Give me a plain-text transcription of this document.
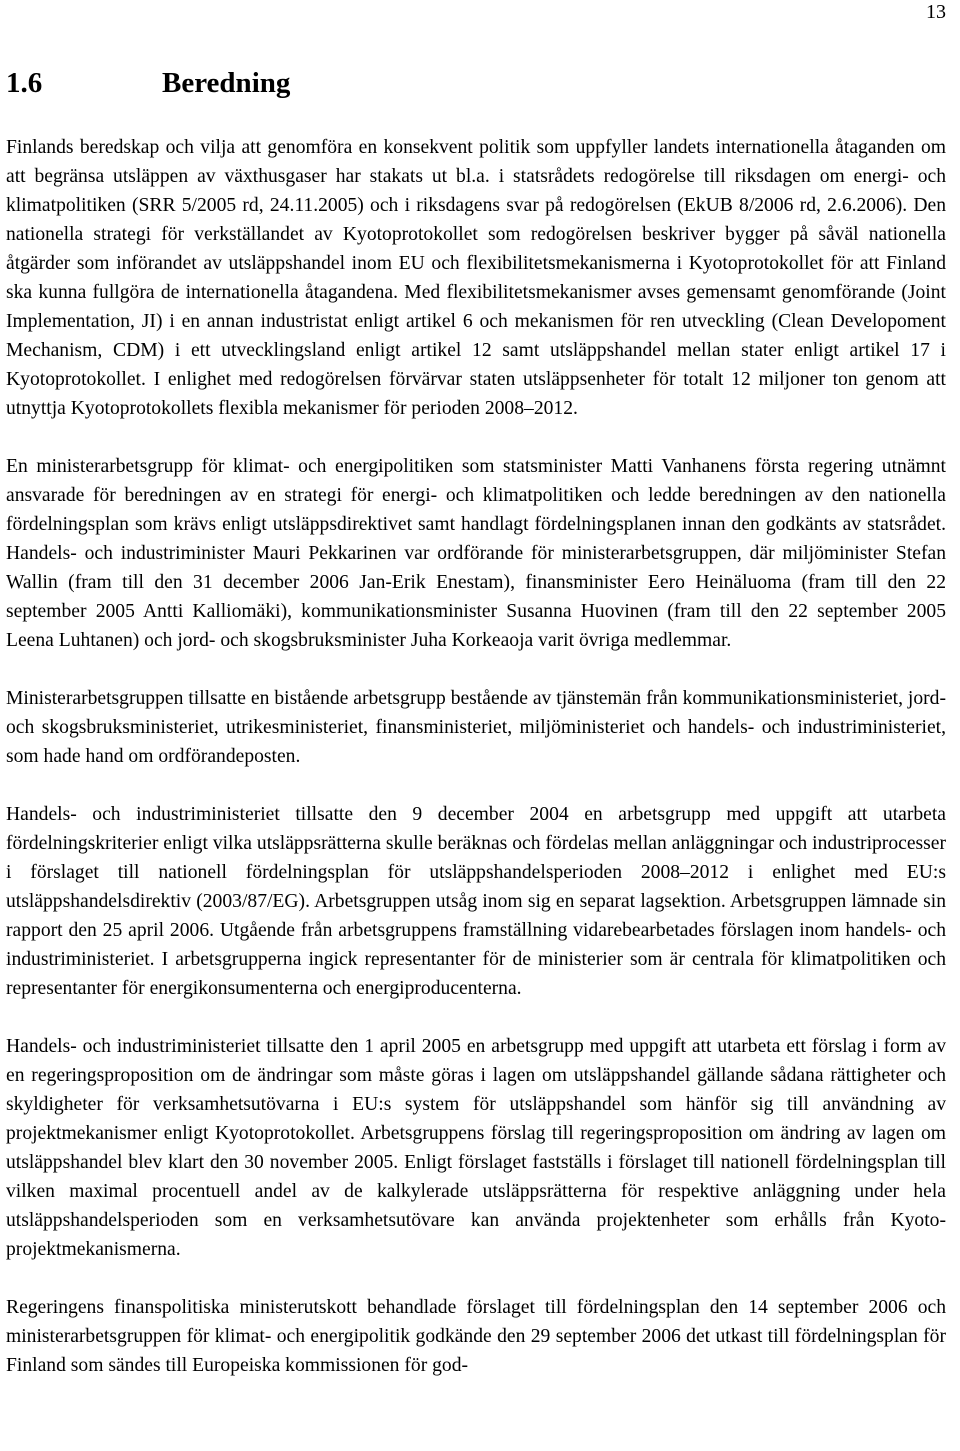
13
1.6	Beredning

Finlands beredskap och vilja att genomföra en konsekvent politik som uppfyller landets internationella åtaganden om att begränsa utsläppen av växthusgaser har stakats ut bl.a. i statsrådets redogörelse till riksdagen om energi- och klimatpolitiken (SRR 5/2005 rd, 24.11.2005) och i riksdagens svar på redogörelsen (EkUB 8/2006 rd, 2.6.2006). Den nationella strategi för verkställandet av Kyotoprotokollet som redogörelsen beskriver bygger på såväl nationella åtgärder som införandet av utsläppshandel inom EU och flexibilitetsmekanismerna i Kyotoprotokollet för att Finland ska kunna fullgöra de internationella åtagandena. Med flexibilitetsmekanismer avses gemensamt genomförande (Joint Implementation, JI) i en annan industristat enligt artikel 6 och mekanismen för ren utveckling (Clean Developoment Mechanism, CDM) i ett utvecklingsland enligt artikel 12 samt utsläppshandel mellan stater enligt artikel 17 i Kyotoprotokollet. I enlighet med redogörelsen förvärvar staten utsläppsenheter för totalt 12 miljoner ton genom att utnyttja Kyotoprotokollets flexibla mekanismer för perioden 2008–2012.

En ministerarbetsgrupp för klimat- och energipolitiken som statsminister Matti Vanhanens första regering utnämnt ansvarade för beredningen av en strategi för energi- och klimatpolitiken och ledde beredningen av den nationella fördelningsplan som krävs enligt utsläppsdirektivet samt handlagt fördelningsplanen innan den godkänts av statsrådet. Handels- och industriminister Mauri Pekkarinen var ordförande för ministerarbetsgruppen, där miljöminister Stefan Wallin (fram till den 31 december 2006 Jan-Erik Enestam), finansminister Eero Heinäluoma (fram till den 22 september 2005 Antti Kalliomäki), kommunikationsminister Susanna Huovinen (fram till den 22 september 2005 Leena Luhtanen) och jord- och skogsbruksminister Juha Korkeaoja varit övriga medlemmar.

Ministerarbetsgruppen tillsatte en bistående arbetsgrupp bestående av tjänstemän från kommunikationsministeriet, jord- och skogsbruksministeriet, utrikesministeriet, finansministeriet, miljöministeriet och handels- och industriministeriet, som hade hand om ordförandeposten.

Handels- och industriministeriet tillsatte den 9 december 2004 en arbetsgrupp med uppgift att utarbeta fördelningskriterier enligt vilka utsläppsrätterna skulle beräknas och fördelas mellan anläggningar och industriprocesser i förslaget till nationell fördelningsplan för utsläppshandelsperioden 2008–2012 i enlighet med EU:s utsläppshandelsdirektiv (2003/87/EG). Arbetsgruppen utsåg inom sig en separat lagsektion. Arbetsgruppen lämnade sin rapport den 25 april 2006. Utgående från arbetsgruppens framställning vidarebearbetades förslagen inom handels- och industriministeriet. I arbetsgrupperna ingick representanter för de ministerier som är centrala för klimatpolitiken och representanter för energikonsumenterna och energiproducenterna.

Handels- och industriministeriet tillsatte den 1 april 2005 en arbetsgrupp med uppgift att utarbeta ett förslag i form av en regeringsproposition om de ändringar som måste göras i lagen om utsläppshandel gällande sådana rättigheter och skyldigheter för verksamhetsutövarna i EU:s system för utsläppshandel som hänför sig till användning av projektmekanismer enligt Kyotoprotokollet. Arbetsgruppens förslag till regeringsproposition om ändring av lagen om utsläppshandel blev klart den 30 november 2005. Enligt förslaget fastställs i förslaget till nationell fördelningsplan till vilken maximal procentuell andel av de kalkylerade utsläppsrätterna för respektive anläggning under hela utsläppshandelsperioden som en verksamhetsutövare kan använda projektenheter som erhålls från Kyoto-projektmekanismerna.

Regeringens finanspolitiska ministerutskott behandlade förslaget till fördelningsplan den 14 september 2006 och ministerarbetsgruppen för klimat- och energipolitik godkände den 29 september 2006 det utkast till fördelningsplan för Finland som sändes till Europeiska kommissionen för god-
